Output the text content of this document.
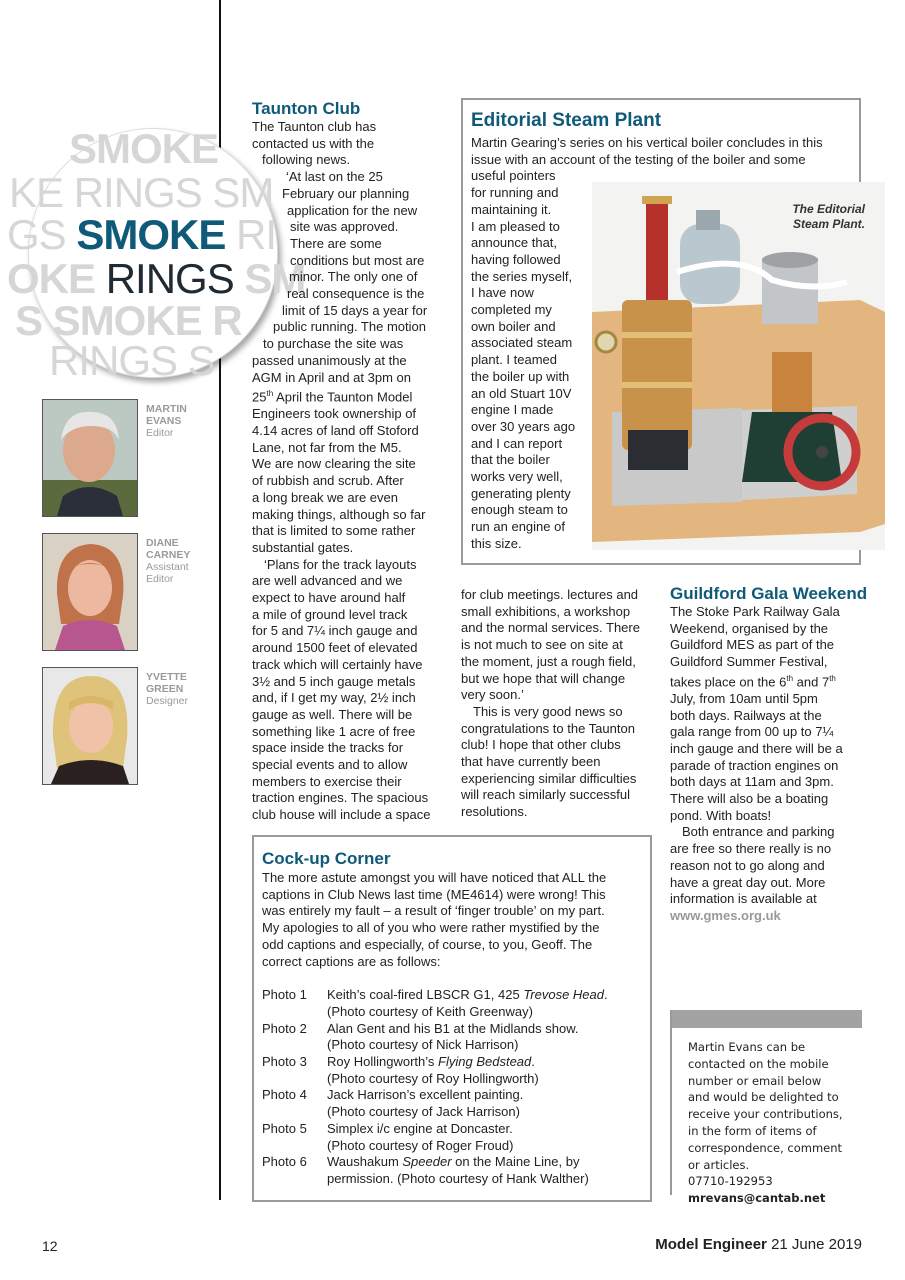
SMOKE
KE RINGS SM
GS SMOKE RI
OKE RINGS SM
S SMOKE R
RINGS S
MARTIN
EVANS
Editor
DIANE
CARNEY
Assistant
Editor
YVETTE
GREEN
Designer
Taunton Club
The Taunton club has
contacted us with the
following news.
‘At last on the 25
February our planning
application for the new
site was approved.
There are some
conditions but most are
minor. The only one of
real consequence is the
limit of 15 days a year for
public running. The motion
to purchase the site was
passed unanimously at the
AGM in April and at 3pm on
25th April the Taunton Model
Engineers took ownership of
4.14 acres of land off Stoford
Lane, not far from the M5.
We are now clearing the site
of rubbish and scrub. After
a long break we are even
making things, although so far
that is limited to some rather
substantial gates.
‘Plans for the track layouts
are well advanced and we
expect to have around half
a mile of ground level track
for 5 and 7¼ inch gauge and
around 1500 feet of elevated
track which will certainly have
3½ and 5 inch gauge metals
and, if I get my way, 2½ inch
gauge as well. There will be
something like 1 acre of free
space inside the tracks for
special events and to allow
members to exercise their
traction engines. The spacious
club house will include a space
for club meetings. lectures and
small exhibitions, a workshop
and the normal services. There
is not much to see on site at
the moment, just a rough field,
but we hope that will change
very soon.’
This is very good news so
congratulations to the Taunton
club! I hope that other clubs
that have currently been
experiencing similar difficulties
will reach similarly successful
resolutions.
Editorial Steam Plant
Martin Gearing’s series on his vertical boiler concludes in this
issue with an account of the testing of the boiler and some
useful pointers
for running and
maintaining it.
I am pleased to
announce that,
having followed
the series myself,
I have now
completed my
own boiler and
associated steam
plant. I teamed
the boiler up with
an old Stuart 10V
engine I made
over 30 years ago
and I can report
that the boiler
works very well,
generating plenty
enough steam to
run an engine of
this size.
The Editorial
Steam Plant.
Guildford Gala Weekend
The Stoke Park Railway Gala
Weekend, organised by the
Guildford MES as part of the
Guildford Summer Festival,
takes place on the 6th and 7th
July, from 10am until 5pm
both days. Railways at the
gala range from 00 up to 7¼
inch gauge and there will be a
parade of traction engines on
both days at 11am and 3pm.
There will also be a boating
pond. With boats!
Both entrance and parking
are free so there really is no
reason not to go along and
have a great day out. More
information is available at
www.gmes.org.uk
Cock-up Corner
The more astute amongst you will have noticed that ALL the
captions in Club News last time (ME4614) were wrong! This
was entirely my fault – a result of ‘finger trouble’ on my part.
My apologies to all of you who were rather mystified by the
odd captions and especially, of course, to you, Geoff. The
correct captions are as follows:
Photo 1	Keith’s coal-fired LBSCR G1, 425 Trevose Head.
(Photo courtesy of Keith Greenway)
Photo 2	Alan Gent and his B1 at the Midlands show.
(Photo courtesy of Nick Harrison)
Photo 3	Roy Hollingworth’s Flying Bedstead.
(Photo courtesy of Roy Hollingworth)
Photo 4	Jack Harrison’s excellent painting.
(Photo courtesy of Jack Harrison)
Photo 5	Simplex i/c engine at Doncaster.
(Photo courtesy of Roger Froud)
Photo 6	Waushakum Speeder on the Maine Line, by
permission. (Photo courtesy of Hank Walther)
Martin Evans can be
contacted on the mobile
number or email below
and would be delighted to
receive your contributions,
in the form of items of
correspondence, comment
or articles.
07710-192953
mrevans@cantab.net
12	Model Engineer 21 June 2019
